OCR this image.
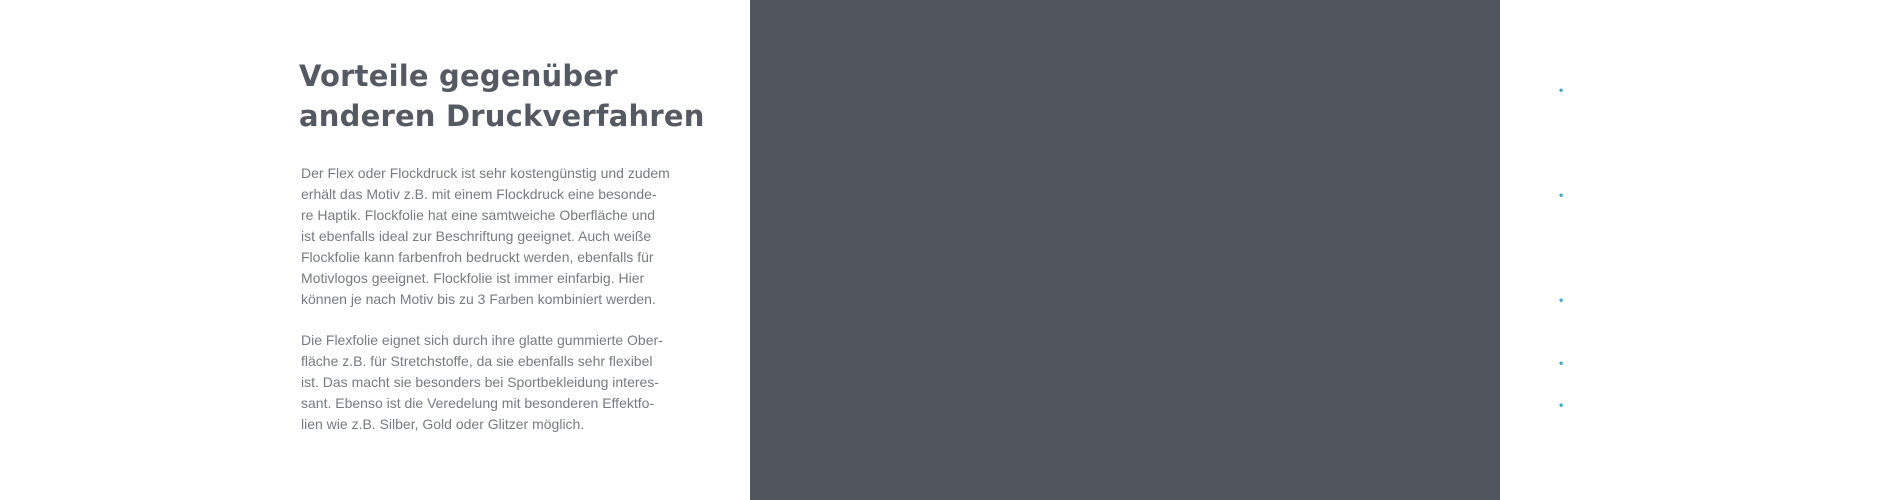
Vorteile gegenüber
anderen Druckverfahren

Der Flex oder Flockdruck ist sehr kostengünstig und zudem
erhält das Motiv z.B. mit einem Flockdruck eine besonde-
re Haptik. Flockfolie hat eine samtweiche Oberfläche und
ist ebenfalls ideal zur Beschriftung geeignet. Auch weiße
Flockfolie kann farbenfroh bedruckt werden, ebenfalls für
Motivlogos geeignet. Flockfolie ist immer einfarbig. Hier
können je nach Motiv bis zu 3 Farben kombiniert werden.

Die Flexfolie eignet sich durch ihre glatte gummierte Ober-
fläche z.B. für Stretchstoffe, da sie ebenfalls sehr flexibel
ist. Das macht sie besonders bei Sportbekleidung interes-
sant. Ebenso ist die Veredelung mit besonderen Effektfo-
lien wie z.B. Silber, Gold oder Glitzer möglich.

• Textilien mit Flex- oder Flockdruck können bis
zu 60° Celsius gewaschen werden, beachten
Sie zusätzlich die eingenähte Pflegeanleitung
im Textil.
• Die bedruckte Ware vor dem Waschen bitte auf
links drehen und möglichst nicht mit anderen
Textilien mit Reißverschluss waschen.
• Es sollten beim Waschen keine Bleichmittel
oder Weichspüler verwendet werden.
• Nicht in den Trockner geben.
• Textilien im Bereich der Veredelung nur von der
Rückseite bügeln.
